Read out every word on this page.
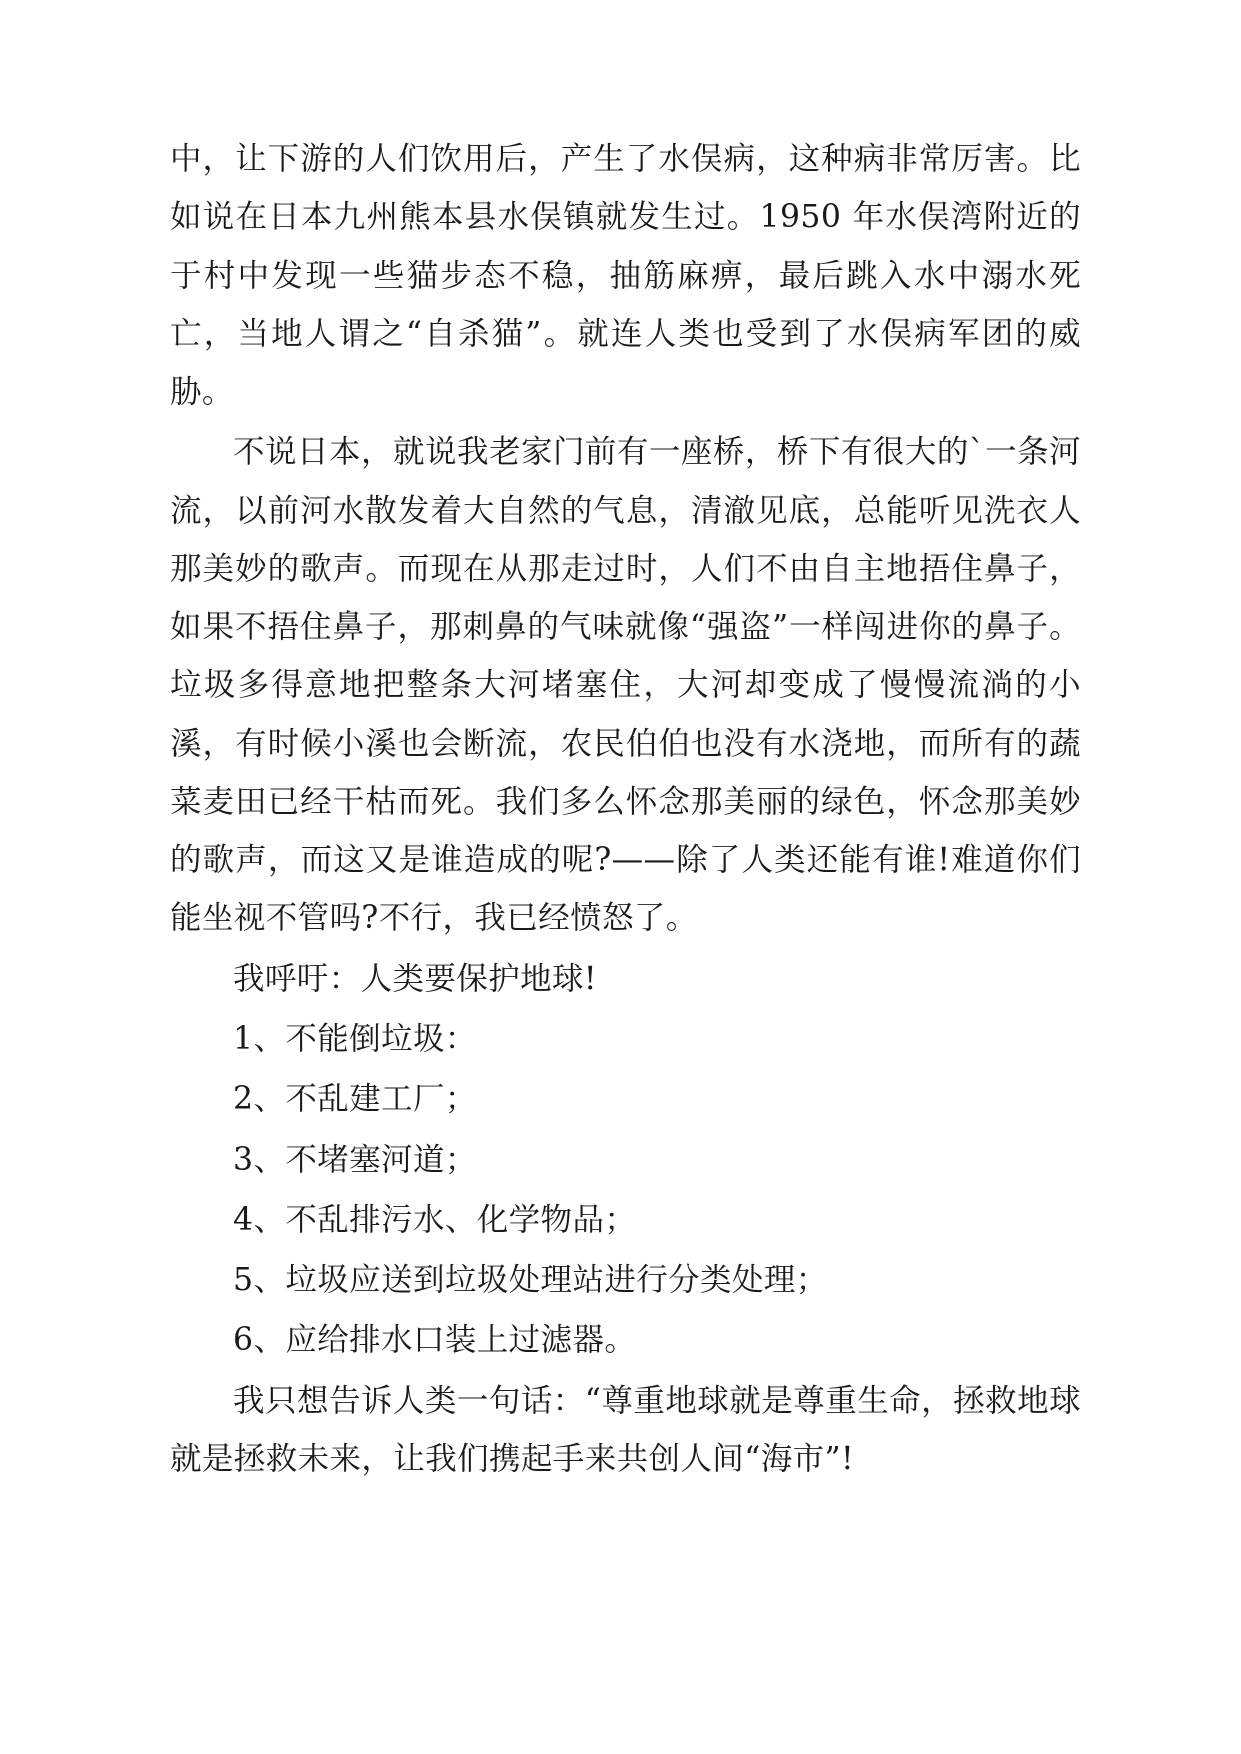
中，让下游的人们饮用后，产生了水俣病，这种病非常厉害。比如说在日本九州熊本县水俣镇就发生过。1950 年水俣湾附近的于村中发现一些猫步态不稳，抽筋麻痹，最后跳入水中溺水死亡，当地人谓之“自杀猫”。就连人类也受到了水俣病军团的威胁。

不说日本，就说我老家门前有一座桥，桥下有很大的`一条河流，以前河水散发着大自然的气息，清澈见底，总能听见洗衣人那美妙的歌声。而现在从那走过时，人们不由自主地捂住鼻子，如果不捂住鼻子，那刺鼻的气味就像“强盗”一样闯进你的鼻子。垃圾多得意地把整条大河堵塞住，大河却变成了慢慢流淌的小溪，有时候小溪也会断流，农民伯伯也没有水浇地，而所有的蔬菜麦田已经干枯而死。我们多么怀念那美丽的绿色，怀念那美妙的歌声，而这又是谁造成的呢?——除了人类还能有谁!难道你们能坐视不管吗?不行，我已经愤怒了。

我呼吁：人类要保护地球!

1、不能倒垃圾：

2、不乱建工厂；

3、不堵塞河道；

4、不乱排污水、化学物品；

5、垃圾应送到垃圾处理站进行分类处理；

6、应给排水口装上过滤器。

我只想告诉人类一句话：“尊重地球就是尊重生命，拯救地球就是拯救未来，让我们携起手来共创人间“海市”!
